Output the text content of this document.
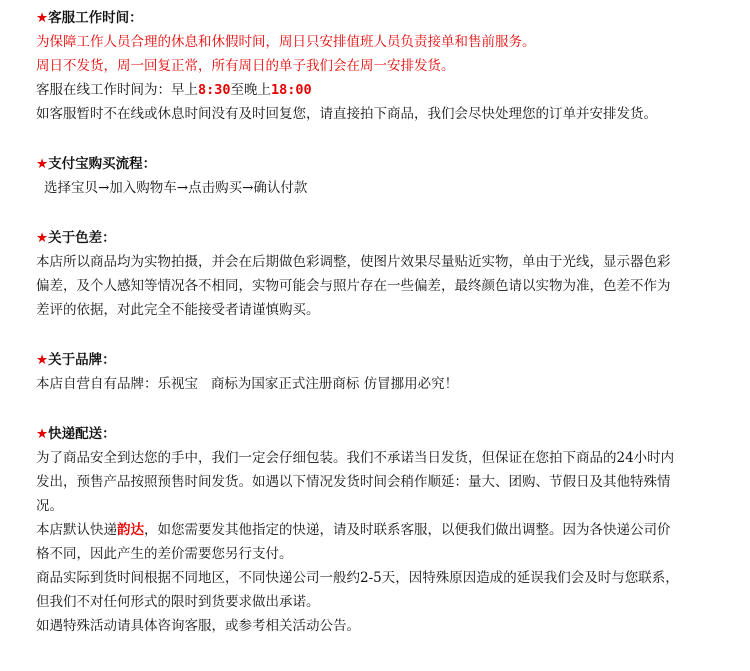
★客服工作时间：
为保障工作人员合理的休息和休假时间，周日只安排值班人员负责接单和售前服务。
周日不发货，周一回复正常，所有周日的单子我们会在周一安排发货。
客服在线工作时间为：早上8:30至晚上18:00
如客服暂时不在线或休息时间没有及时回复您，请直接拍下商品，我们会尽快处理您的订单并安排发货。
★支付宝购买流程：
选择宝贝→加入购物车→点击购买→确认付款
★关于色差：
本店所以商品均为实物拍摄，并会在后期做色彩调整，使图片效果尽量贴近实物，单由于光线，显示器色彩
偏差，及个人感知等情况各不相同，实物可能会与照片存在一些偏差，最终颜色请以实物为准，色差不作为
差评的依据，对此完全不能接受者请谨慎购买。
★关于品牌：
本店自营自有品牌：乐视宝   商标为国家正式注册商标 仿冒挪用必究！
★快递配送：
为了商品安全到达您的手中，我们一定会仔细包装。我们不承诺当日发货，但保证在您拍下商品的24小时内
发出，预售产品按照预售时间发货。如遇以下情况发货时间会稍作顺延：量大、团购、节假日及其他特殊情
况。
本店默认快递韵达，如您需要发其他指定的快递，请及时联系客服，以便我们做出调整。因为各快递公司价
格不同，因此产生的差价需要您另行支付。
商品实际到货时间根据不同地区，不同快递公司一般约2-5天，因特殊原因造成的延误我们会及时与您联系，
但我们不对任何形式的限时到货要求做出承诺。
如遇特殊活动请具体咨询客服，或参考相关活动公告。
